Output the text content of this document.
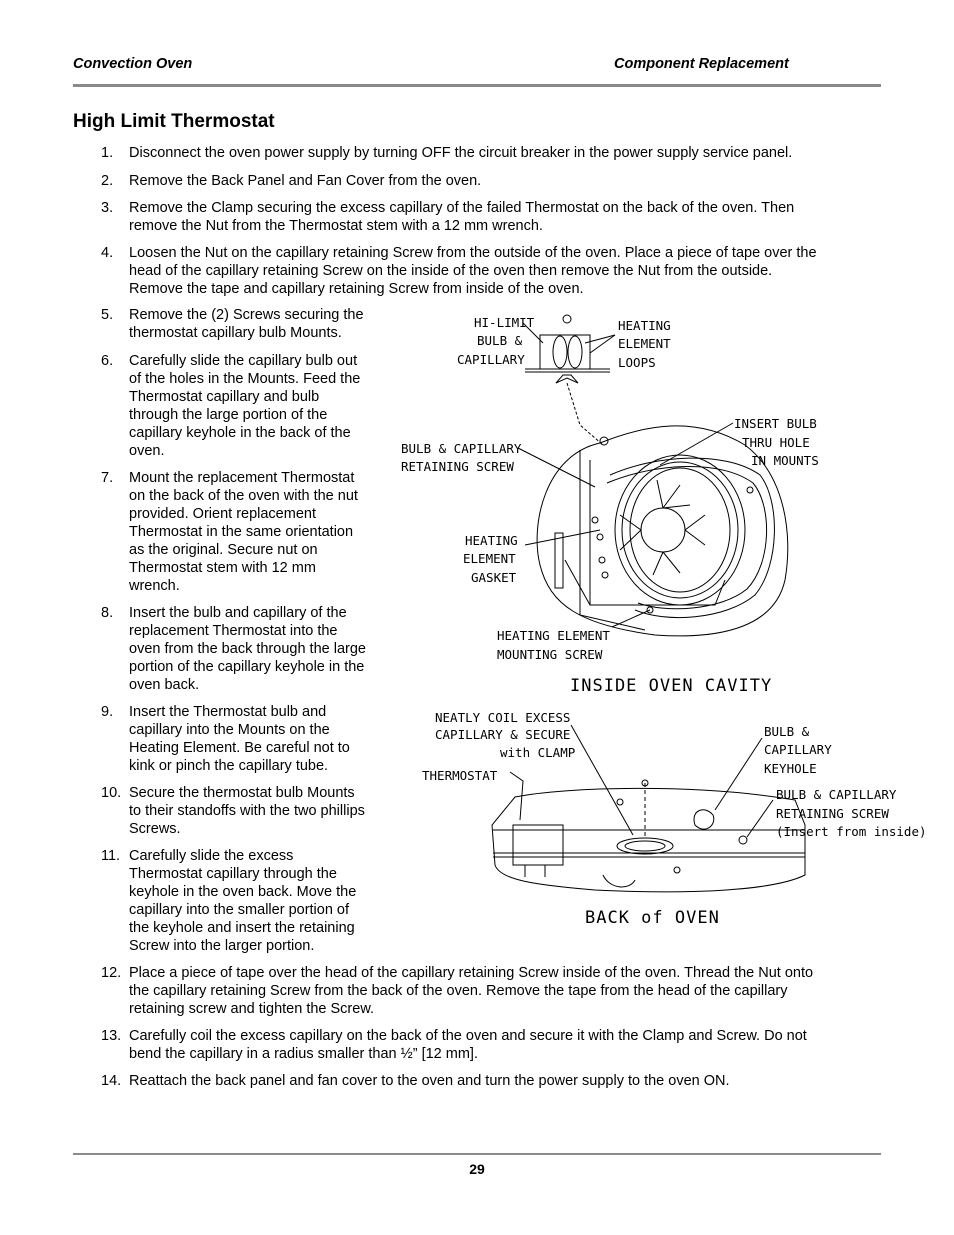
Convection Oven	Component Replacement
High Limit Thermostat
1. Disconnect the oven power supply by turning OFF the circuit breaker in the power supply service panel.
2. Remove the Back Panel and Fan Cover from the oven.
3. Remove the Clamp securing the excess capillary of the failed Thermostat on the back of the oven. Then
remove the Nut from the Thermostat stem with a 12 mm wrench.
4. Loosen the Nut on the capillary retaining Screw from the outside of the oven. Place a piece of tape over the
head of the capillary retaining Screw on the inside of the oven then remove the Nut from the outside.
Remove the tape and capillary retaining Screw from inside of the oven.
5. Remove the (2) Screws securing the
thermostat capillary bulb Mounts.
6. Carefully slide the capillary bulb out
of the holes in the Mounts. Feed the
Thermostat capillary and bulb
through the large portion of the
capillary keyhole in the back of the
oven.
7. Mount the replacement Thermostat
on the back of the oven with the nut
provided. Orient replacement
Thermostat in the same orientation
as the original. Secure nut on
Thermostat stem with 12 mm
wrench.
8. Insert the bulb and capillary of the
replacement Thermostat into the
oven from the back through the large
portion of the capillary keyhole in the
oven back.
9. Insert the Thermostat bulb and
capillary into the Mounts on the
Heating Element. Be careful not to
kink or pinch the capillary tube.
10. Secure the thermostat bulb Mounts
to their standoffs with the two phillips
Screws.
11. Carefully slide the excess
Thermostat capillary through the
keyhole in the oven back. Move the
capillary into the smaller portion of
the keyhole and insert the retaining
Screw into the larger portion.
12. Place a piece of tape over the head of the capillary retaining Screw inside of the oven. Thread the Nut onto
the capillary retaining Screw from the back of the oven. Remove the tape from the head of the capillary
retaining screw and tighten the Screw.
13. Carefully coil the excess capillary on the back of the oven and secure it with the Clamp and Screw. Do not
bend the capillary in a radius smaller than ½” [12 mm].
14. Reattach the back panel and fan cover to the oven and turn the power supply to the oven ON.
HI-LIMIT
BULB &
CAPILLARY
HEATING
ELEMENT
LOOPS
INSERT BULB
THRU HOLE
IN MOUNTS
BULB & CAPILLARY
RETAINING SCREW
HEATING
ELEMENT
GASKET
HEATING ELEMENT
MOUNTING SCREW
INSIDE OVEN CAVITY
NEATLY COIL EXCESS
CAPILLARY & SECURE
with CLAMP
THERMOSTAT
BULB &
CAPILLARY
KEYHOLE
BULB & CAPILLARY
RETAINING SCREW
(Insert from inside)
BACK of OVEN
29
